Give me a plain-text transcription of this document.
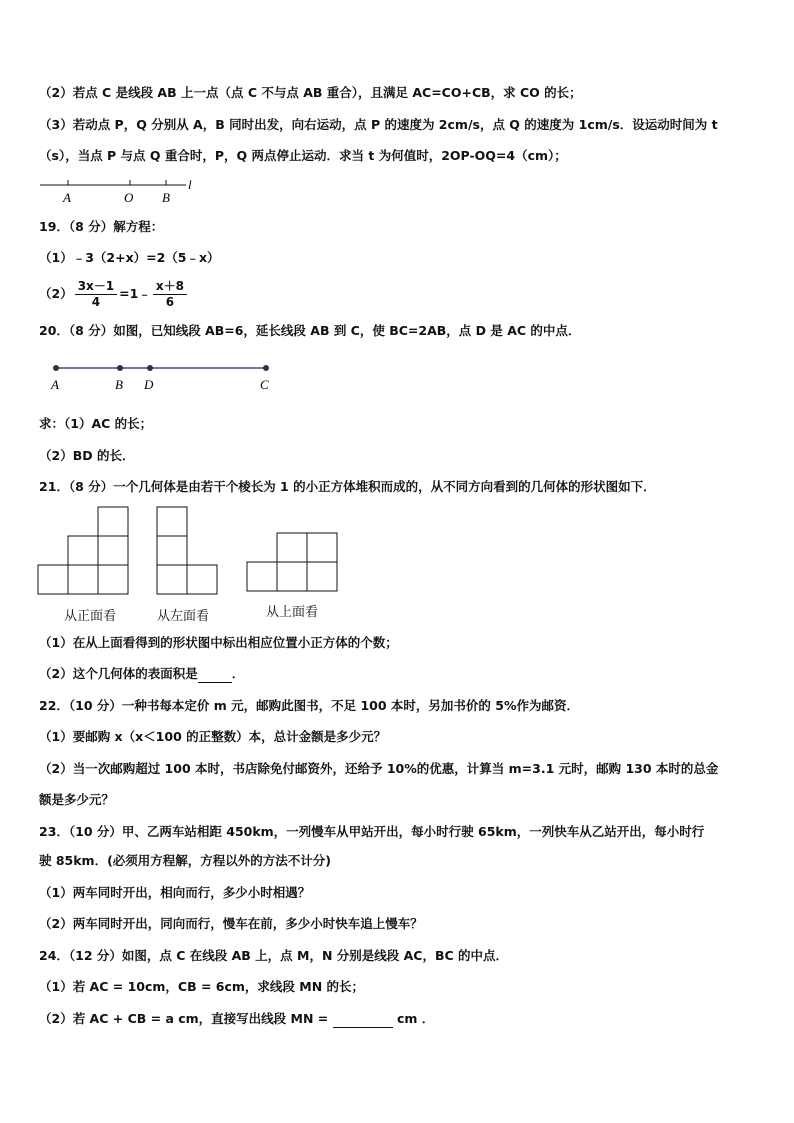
（2）若点 C 是线段 AB 上一点（点 C 不与点 AB 重合），且满足 AC=CO+CB，求 CO 的长；
（3）若动点 P，Q 分别从 A，B 同时出发，向右运动，点 P 的速度为 2cm/s，点 Q 的速度为 1cm/s．设运动时间为 t
（s），当点 P 与点 Q 重合时，P，Q 两点停止运动．求当 t 为何值时，2OP-OQ=4（cm）；
A	O B
l
19．（8 分）解方程：
（1）﹣3（2+x）=2（5﹣x）
$(2) \frac{3x-1}{4}$ =1﹣ $\frac{x+8}{6}$
20．（8 分）如图，已知线段 AB=6，延长线段 AB 到 C，使 BC=2AB，点 D 是 AC 的中点．
A	B D	C
求：（1）AC 的长；
（2）BD 的长．
21．（8 分）一个几何体是由若干个棱长为 1 的小正方体堆积而成的，从不同方向看到的几何体的形状图如下．
从正面看	从左面看	从上面看
（1）在从上面看得到的形状图中标出相应位置小正方体的个数；
（2）这个几何体的表面积是	．
22．（10 分）一种书每本定价 m 元，邮购此图书，不足 100 本时，另加书价的 5%作为邮资．
（1）要邮购 x（x＜100 的正整数）本，总计金额是多少元？
（2）当一次邮购超过 100 本时，书店除免付邮资外，还给予 10%的优惠，计算当 m=3.1 元时，邮购 130 本时的总金
额是多少元？
23．（10 分）甲、乙两车站相距 450km，一列慢车从甲站开出，每小时行驶 65km，一列快车从乙站开出，每小时行
驶 85km．(必须用方程解，方程以外的方法不计分)
（1）两车同时开出，相向而行，多少小时相遇？
（2）两车同时开出，同向而行，慢车在前，多少小时快车追上慢车？
24．（12 分）如图，点 C 在线段 AB 上，点 M，N 分别是线段 AC，BC 的中点．
（1）若 AC = 10cm，CB = 6cm，求线段 MN 的长；
（2）若 AC + CB = a cm，直接写出线段 MN =	cm ．
